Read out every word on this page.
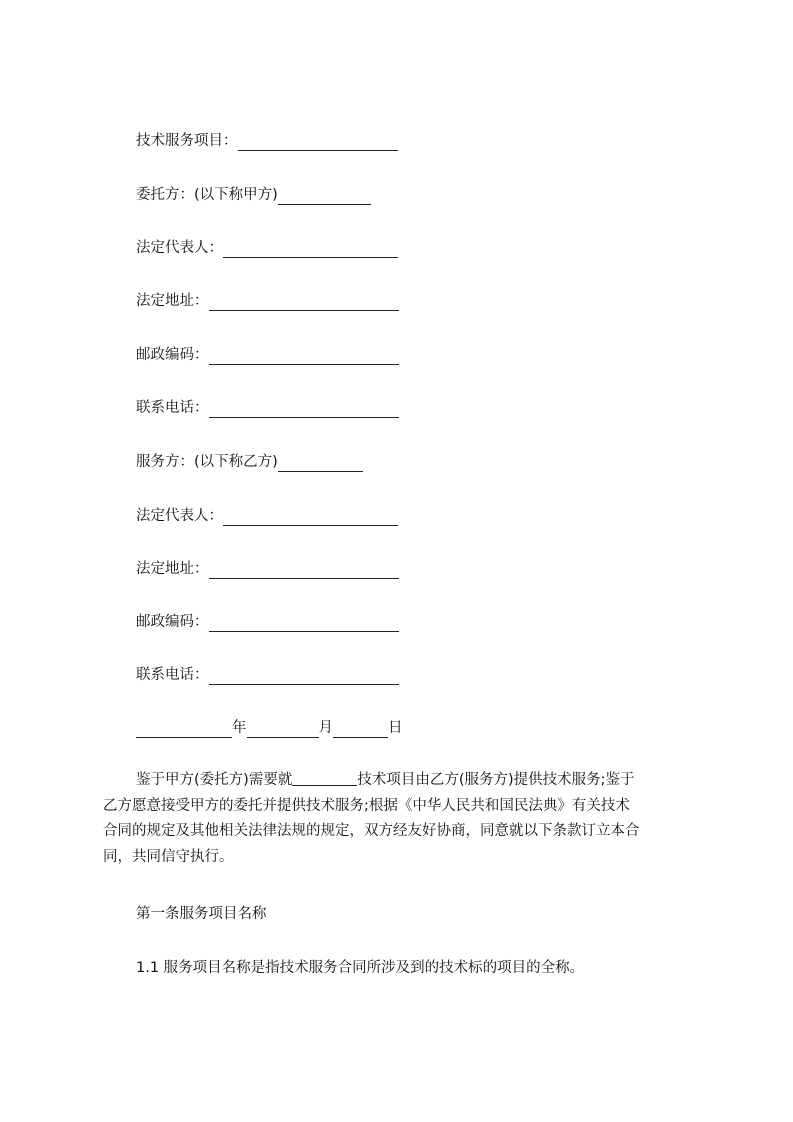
技术服务项目：
委托方：(以下称甲方)
法定代表人：
法定地址：
邮政编码：
联系电话：
服务方：(以下称乙方)
法定代表人：
法定地址：
邮政编码：
联系电话：
年	月	日
鉴于甲方(委托方)需要就	技术项目由乙方(服务方)提供技术服务;鉴于
乙方愿意接受甲方的委托并提供技术服务;根据《中华人民共和国民法典》有关技术
合同的规定及其他相关法律法规的规定，双方经友好协商，同意就以下条款订立本合
同，共同信守执行。
第一条服务项目名称
1.1 服务项目名称是指技术服务合同所涉及到的技术标的项目的全称。
